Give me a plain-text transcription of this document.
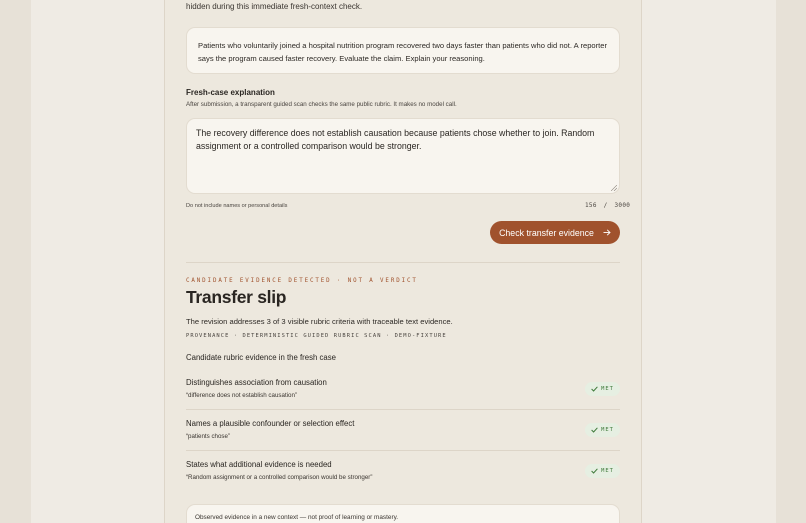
hidden during this immediate fresh-context check.
Patients who voluntarily joined a hospital nutrition program recovered two days faster than patients who did not. A reporter says the program caused faster recovery. Evaluate the claim. Explain your reasoning.
Fresh-case explanation
After submission, a transparent guided scan checks the same public rubric. It makes no model call.
The recovery difference does not establish causation because patients chose whether to join. Random assignment or a controlled comparison would be stronger.
Do not include names or personal details	156 / 3000
Check transfer evidence
CANDIDATE EVIDENCE DETECTED · NOT A VERDICT
Transfer slip
The revision addresses 3 of 3 visible rubric criteria with traceable text evidence.
PROVENANCE · DETERMINISTIC GUIDED RUBRIC SCAN · DEMO-FIXTURE
Candidate rubric evidence in the fresh case
Distinguishes association from causation
“difference does not establish causation”
MET
Names a plausible confounder or selection effect
“patients chose”
MET
States what additional evidence is needed
“Random assignment or a controlled comparison would be stronger”
MET
Observed evidence in a new context — not proof of learning or mastery.
